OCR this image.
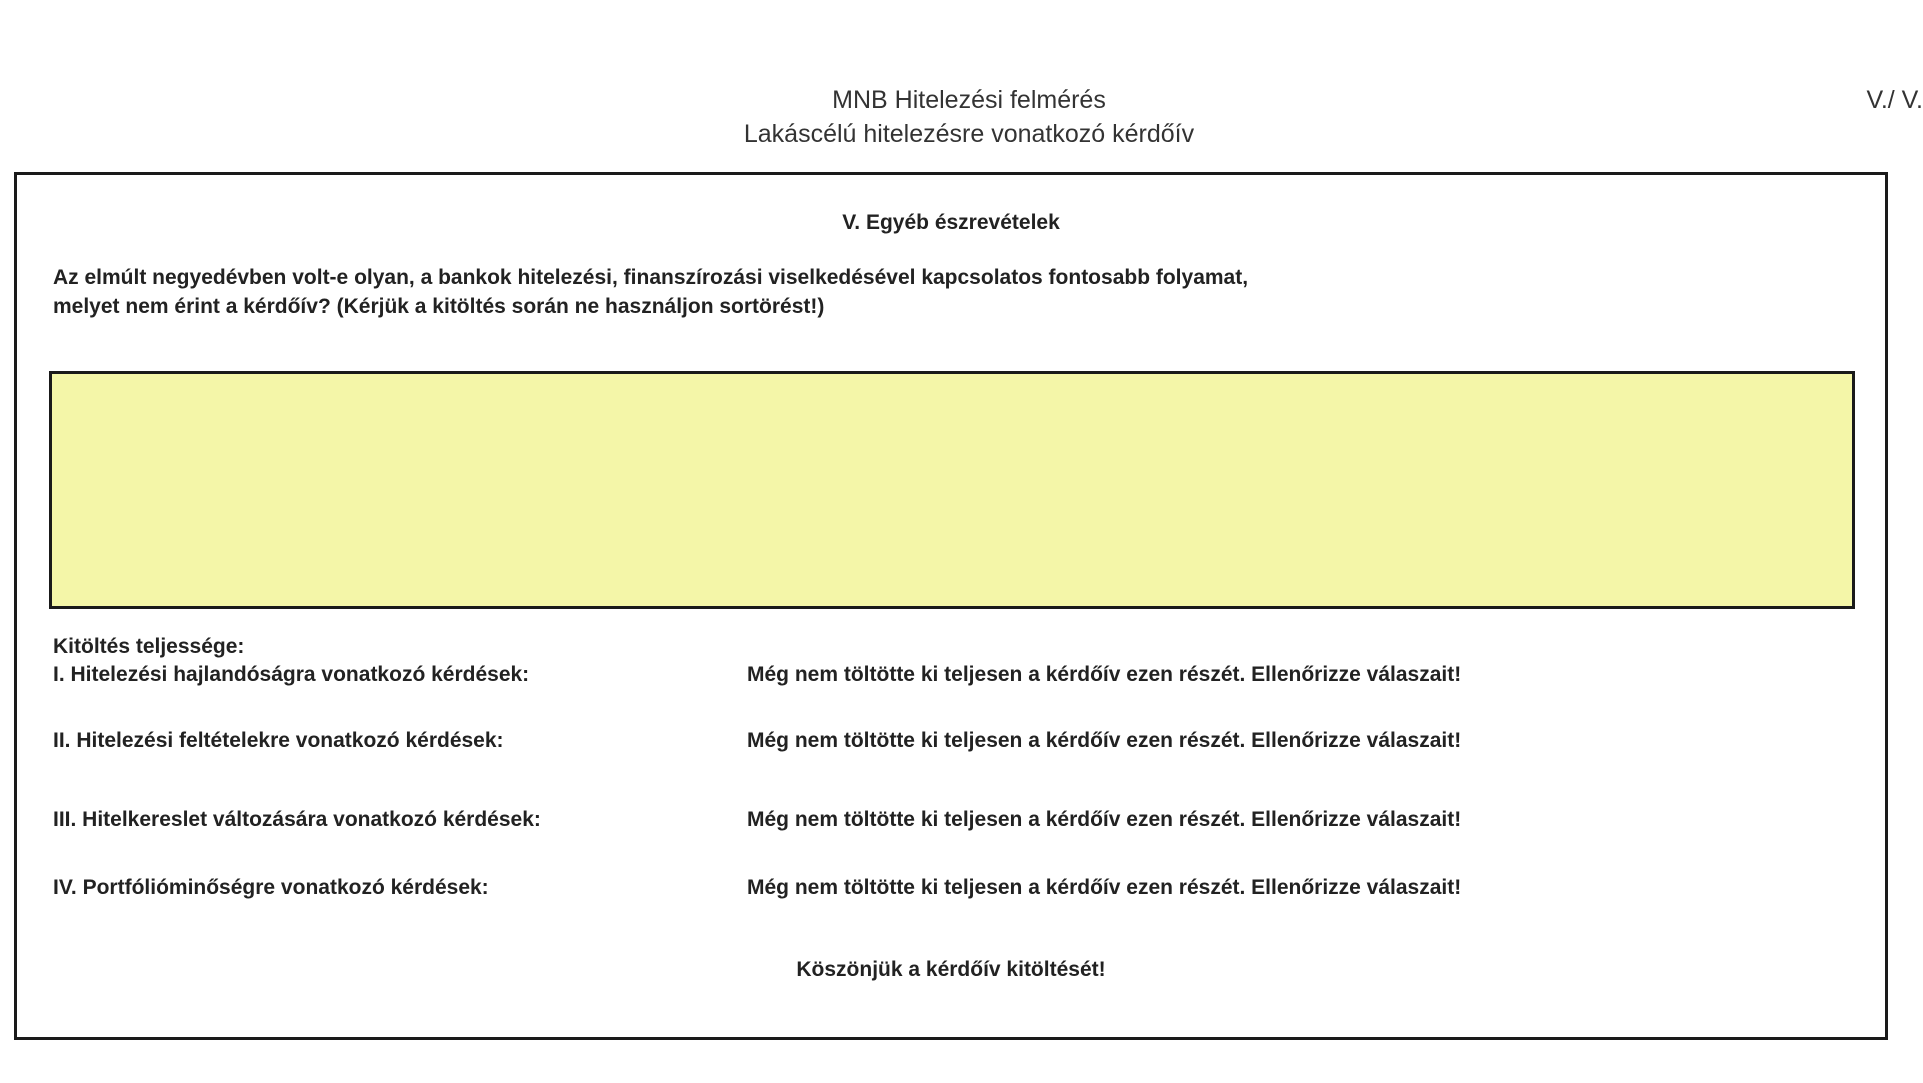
MNB Hitelezési felmérés
Lakáscélú hitelezésre vonatkozó kérdőív
V./ V.
V. Egyéb észrevételek
Az elmúlt negyedévben volt-e olyan, a bankok hitelezési, finanszírozási viselkedésével kapcsolatos fontosabb folyamat,
melyet nem érint a kérdőív? (Kérjük a kitöltés során ne használjon sortörést!)
Kitöltés teljessége:
I. Hitelezési hajlandóságra vonatkozó kérdések:	Még nem töltötte ki teljesen a kérdőív ezen részét. Ellenőrizze válaszait!
II. Hitelezési feltételekre vonatkozó kérdések:	Még nem töltötte ki teljesen a kérdőív ezen részét. Ellenőrizze válaszait!
III. Hitelkereslet változására vonatkozó kérdések:	Még nem töltötte ki teljesen a kérdőív ezen részét. Ellenőrizze válaszait!
IV. Portfólióminőségre vonatkozó kérdések:	Még nem töltötte ki teljesen a kérdőív ezen részét. Ellenőrizze válaszait!
Köszönjük a kérdőív kitöltését!
